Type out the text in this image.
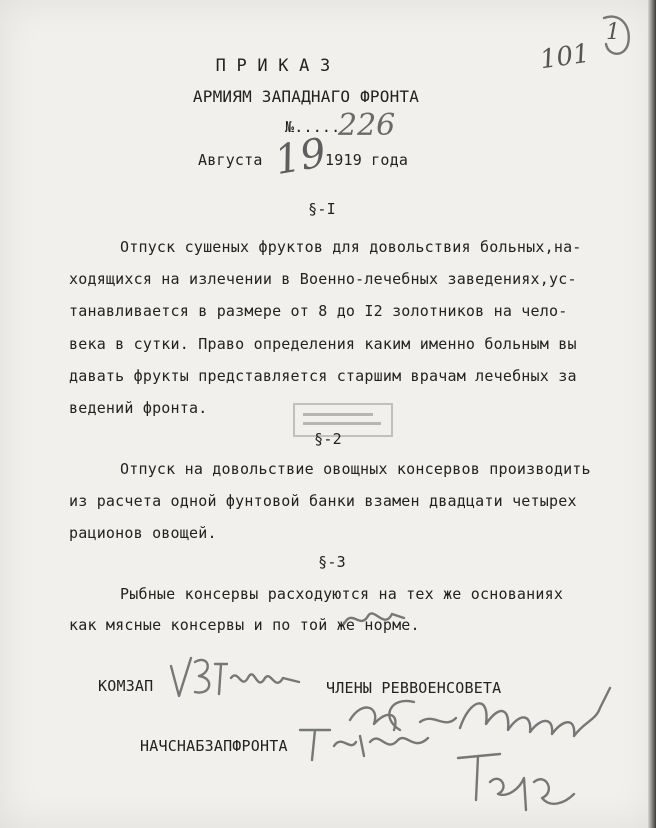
101
1
П Р И К А З
АРМИЯМ ЗАПАДНАГО ФРОНТА
№.....
226
Августа 19
1919 года
§-I
Отпуск сушеных фруктов для довольствия больных,на-
ходящихся на излечении в Военно-лечебных заведениях,ус-
танавливается в размере от 8 до I2 золотников на чело-
века в сутки. Право определения каким именно больным вы
давать фрукты представляется старшим врачам лечебных за
ведений фронта.
§-2
Отпуск на довольствие овощных консервов производить
из расчета одной фунтовой банки взамен двадцати четырех
рационов овощей.
§-3
Рыбные консервы расходуются на тех же основаниях
как мясные консервы и по той же норме.
КОМЗАП	ЧЛЕНЫ РЕВВОЕНСОВЕТА
НАЧСНАБЗАПФРОНТА
